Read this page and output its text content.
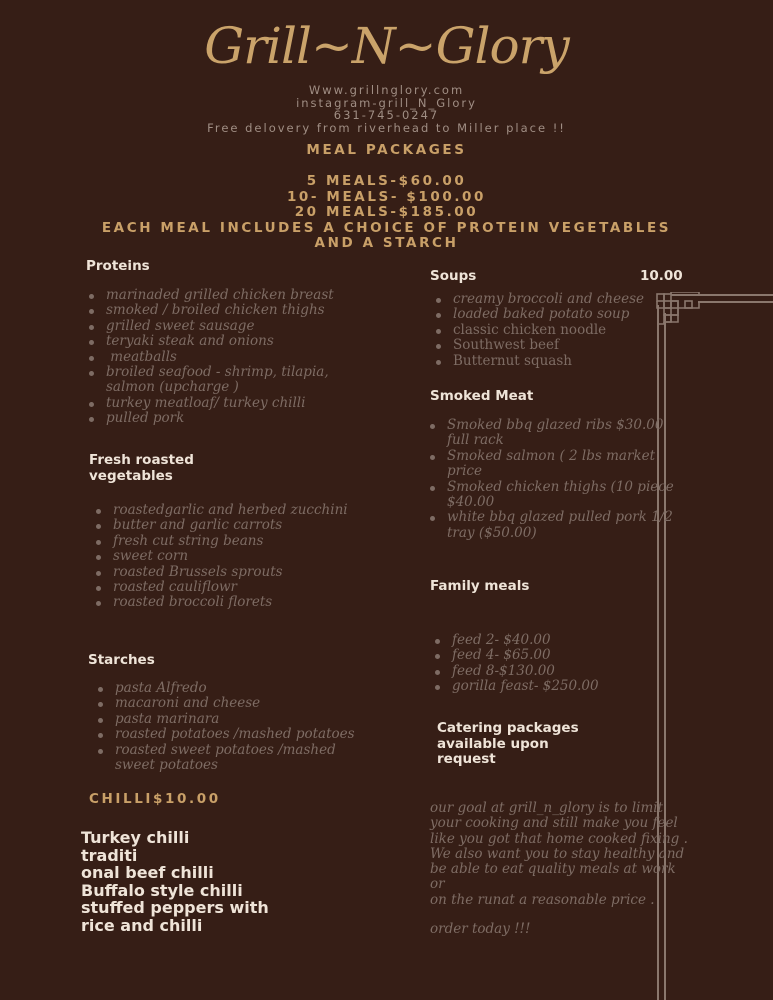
Grill~N~Glory
Www.grillnglory.com
instagram-grill_N_Glory
631-745-0247
Free delovery from riverhead to Miller place !!
MEAL PACKAGES
5 MEALS-$60.00
10- MEALS- $100.00
20 MEALS-$185.00
EACH MEAL INCLUDES A CHOICE OF PROTEIN VEGETABLES
AND A STARCH
Proteins
marinaded grilled chicken breast
smoked / broiled chicken thighs
grilled sweet sausage
teryaki steak and onions
meatballs
broiled seafood - shrimp, tilapia, salmon (upcharge )
turkey meatloaf/ turkey chilli
pulled pork
Fresh roasted
vegetables
roastedgarlic and herbed zucchini
butter and garlic carrots
fresh cut string beans
sweet corn
roasted Brussels sprouts
roasted cauliflowr
roasted broccoli florets
Starches
pasta Alfredo
macaroni and cheese
pasta marinara
roasted potatoes /mashed potatoes
roasted sweet potatoes /mashed sweet potatoes
CHILLI$10.00
Turkey chilli
traditi
onal beef chilli
Buffalo style chilli
stuffed peppers with
rice and chilli
Soups	10.00
creamy broccoli and cheese
loaded baked potato soup
classic chicken noodle
Southwest beef
Butternut squash
Smoked Meat
Smoked bbq glazed ribs $30.00 full rack
Smoked salmon ( 2 lbs market price
Smoked chicken thighs (10 piece $40.00
white bbq glazed pulled pork 1/2 tray ($50.00)
Family meals
feed 2- $40.00
feed 4- $65.00
feed 8-$130.00
gorilla feast- $250.00
Catering packages
available upon
request
our goal at grill_n_glory is to limit
your cooking and still make you feel
like you got that home cooked fixing .
We also want you to stay healthy and
be able to eat quality meals at work or
on the runat a reasonable price .
order today !!!
